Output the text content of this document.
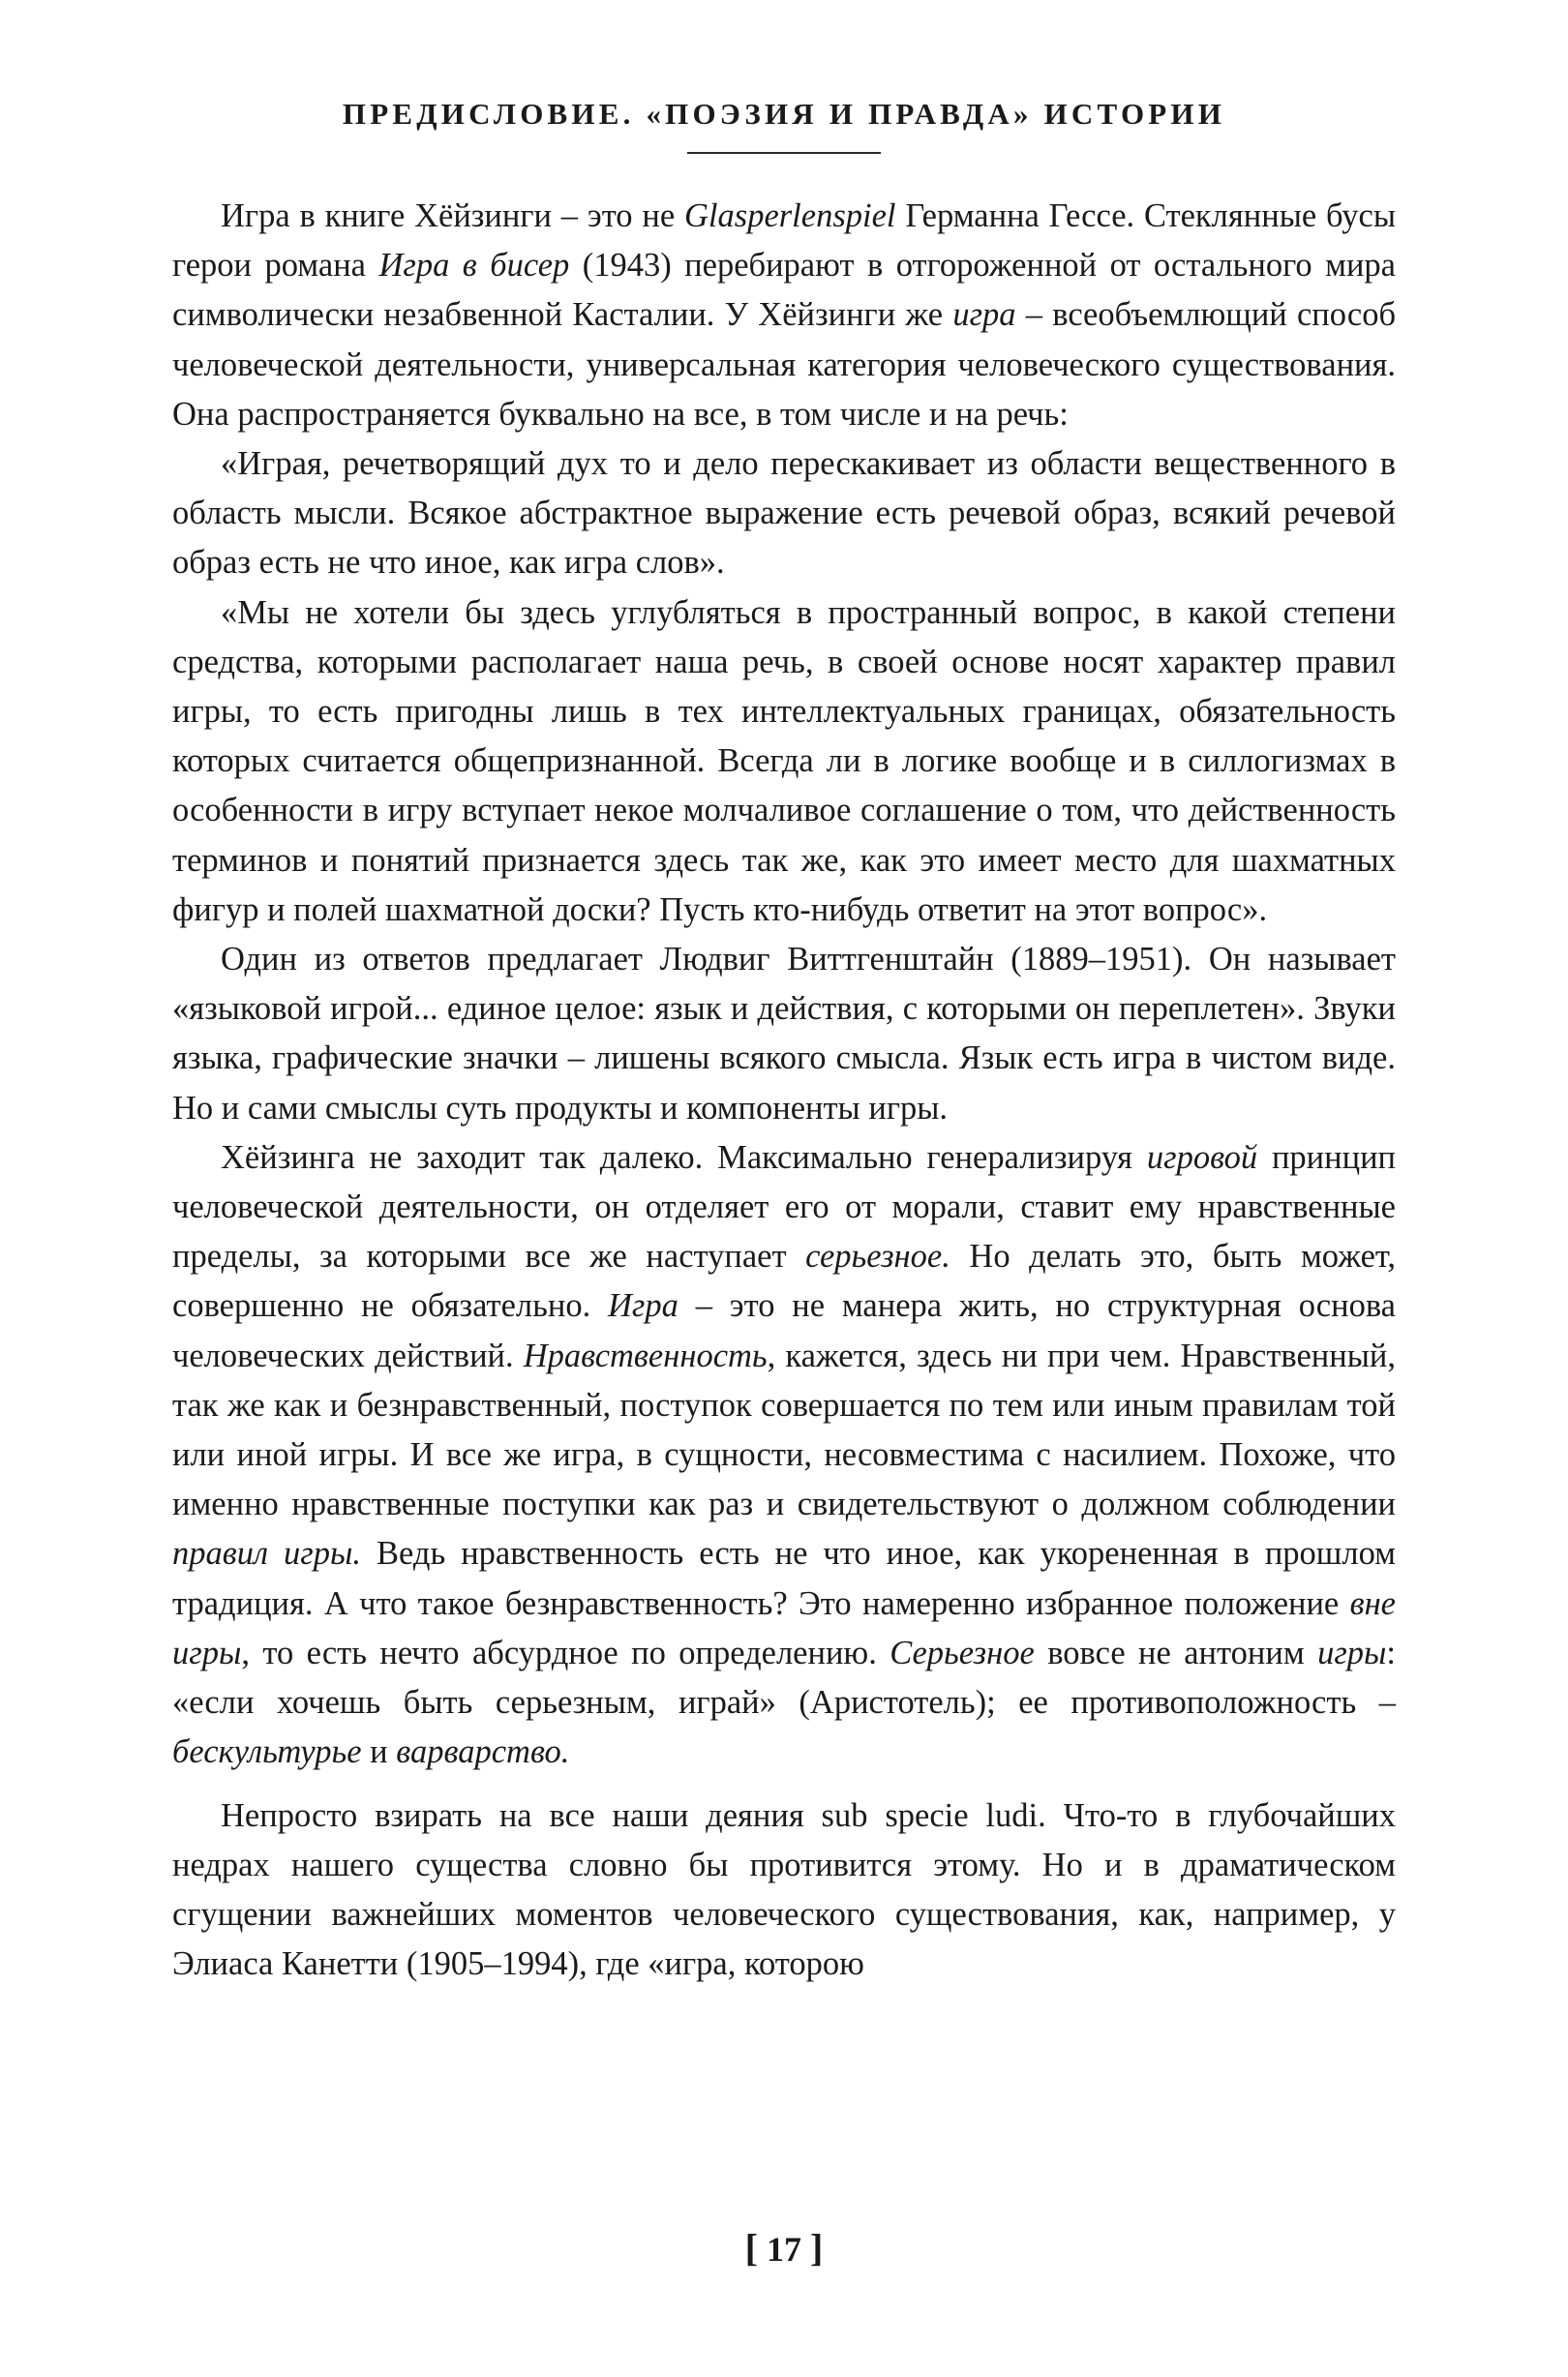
ПРЕДИСЛОВИЕ. «ПОЭЗИЯ И ПРАВДА» ИСТОРИИ

Игра в книге Хёйзинги – это не Glasperlenspiel Германна Гессе. Стеклянные бусы герои романа Игра в бисер (1943) перебирают в отгороженной от остального мира символически незабвенной Касталии. У Хёйзинги же игра – всеобъемлющий способ человеческой деятельности, универсальная категория человеческого существования. Она распространяется буквально на все, в том числе и на речь:

«Играя, речетворящий дух то и дело перескакивает из области вещественного в область мысли. Всякое абстрактное выражение есть речевой образ, всякий речевой образ есть не что иное, как игра слов».

«Мы не хотели бы здесь углубляться в пространный вопрос, в какой степени средства, которыми располагает наша речь, в своей основе носят характер правил игры, то есть пригодны лишь в тех интеллектуальных границах, обязательность которых считается общепризнанной. Всегда ли в логике вообще и в силлогизмах в особенности в игру вступает некое молчаливое соглашение о том, что действенность терминов и понятий признается здесь так же, как это имеет место для шахматных фигур и полей шахматной доски? Пусть кто-нибудь ответит на этот вопрос».

Один из ответов предлагает Людвиг Виттгенштайн (1889–1951). Он называет «языковой игрой... единое целое: язык и действия, с которыми он переплетен». Звуки языка, графические значки – лишены всякого смысла. Язык есть игра в чистом виде. Но и сами смыслы суть продукты и компоненты игры.

Хёйзинга не заходит так далеко. Максимально генерализируя игровой принцип человеческой деятельности, он отделяет его от морали, ставит ему нравственные пределы, за которыми все же наступает серьезное. Но делать это, быть может, совершенно не обязательно. Игра – это не манера жить, но структурная основа человеческих действий. Нравственность, кажется, здесь ни при чем. Нравственный, так же как и безнравственный, поступок совершается по тем или иным правилам той или иной игры. И все же игра, в сущности, несовместима с насилием. Похоже, что именно нравственные поступки как раз и свидетельствуют о должном соблюдении правил игры. Ведь нравственность есть не что иное, как укорененная в прошлом традиция. А что такое безнравственность? Это намеренно избранное положение вне игры, то есть нечто абсурдное по определению. Серьезное вовсе не антоним игры: «если хочешь быть серьезным, играй» (Аристотель); ее противоположность – бескультурье и варварство.

Непросто взирать на все наши деяния sub specie ludi. Что-то в глубочайших недрах нашего существа словно бы противится этому. Но и в драматическом сгущении важнейших моментов человеческого существования, как, например, у Элиаса Канетти (1905–1994), где «игра, которою

[ 17 ]
